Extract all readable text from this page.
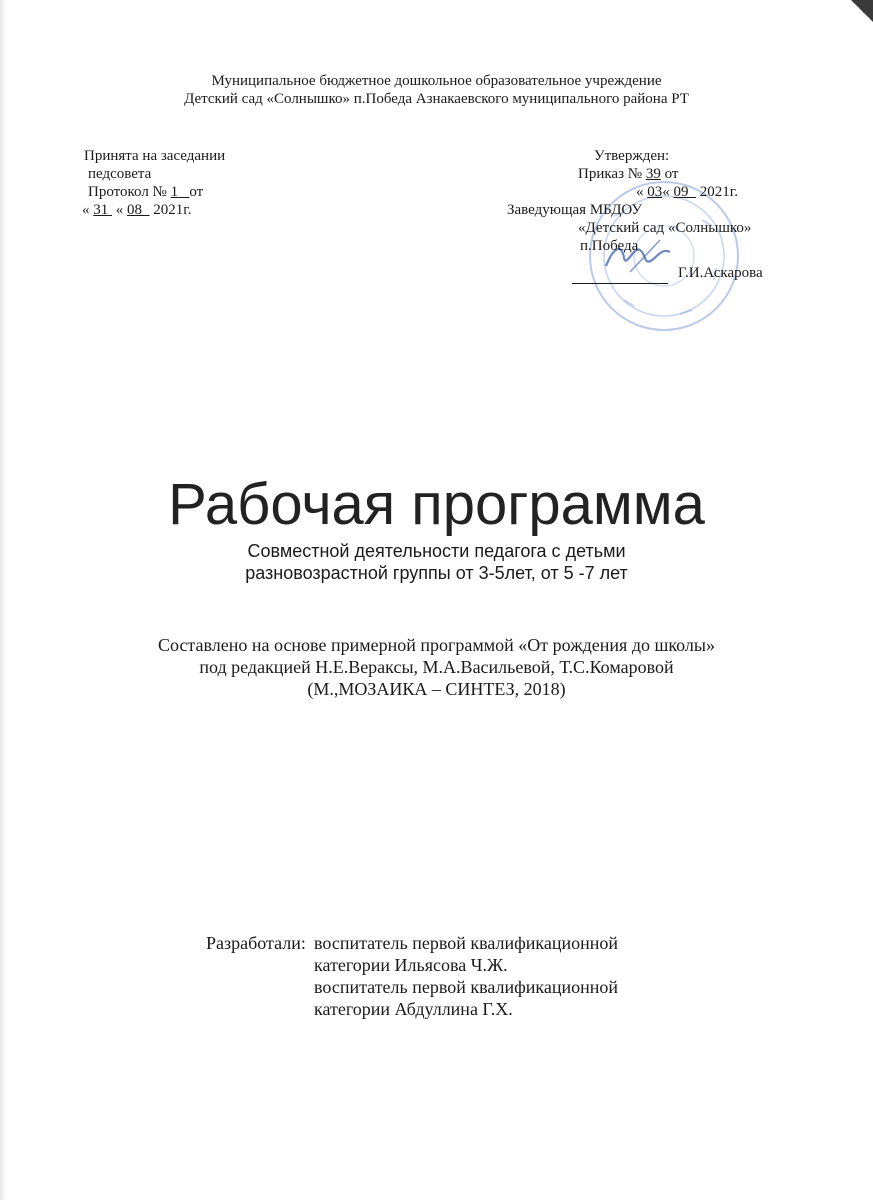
Муниципальное бюджетное дошкольное образовательное учреждение
Детский сад «Солнышко» п.Победа Азнакаевского муниципального района РТ
Принята на заседании
педсовета
Протокол № 1 от
« 31  « 08   2021г.
Утвержден:
Приказ № 39 от
« 03« 09   2021г.
Заведующая МБДОУ
«Детский сад «Солнышко»
п.Победа
Г.И.Аскарова
Рабочая программа
Совместной деятельности педагога с детьми
разновозрастной группы от 3-5лет, от 5 -7 лет
Составлено на основе примерной программой «От рождения до школы»
под редакцией Н.Е.Вераксы, М.А.Васильевой, Т.С.Комаровой
(М.,МОЗАИКА – СИНТЕЗ, 2018)
Разработали: воспитатель первой квалификационной
категории Ильясова Ч.Ж.
воспитатель первой квалификационной
категории Абдуллина Г.Х.
